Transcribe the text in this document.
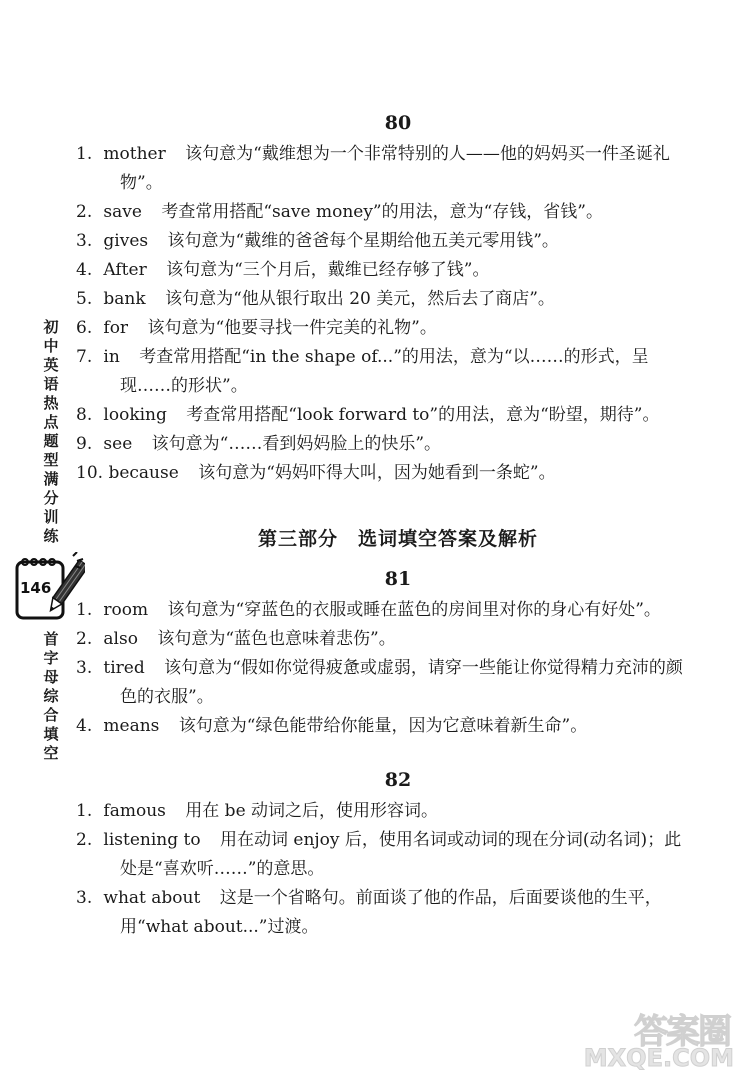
80
1. mother 该句意为“戴维想为一个非常特别的人——他的妈妈买一件圣诞礼物”。
2. save 考查常用搭配“save money”的用法，意为“存钱，省钱”。
3. gives 该句意为“戴维的爸爸每个星期给他五美元零用钱”。
4. After 该句意为“三个月后，戴维已经存够了钱”。
5. bank 该句意为“他从银行取出 20 美元，然后去了商店”。
6. for 该句意为“他要寻找一件完美的礼物”。
7. in 考查常用搭配“in the shape of...”的用法，意为“以……的形式，呈现……的形状”。
8. looking 考查常用搭配“look forward to”的用法，意为“盼望，期待”。
9. see 该句意为“……看到妈妈脸上的快乐”。
10. because 该句意为“妈妈吓得大叫，因为她看到一条蛇”。
第三部分　选词填空答案及解析
81
1. room 该句意为“穿蓝色的衣服或睡在蓝色的房间里对你的身心有好处”。
2. also 该句意为“蓝色也意味着悲伤”。
3. tired 该句意为“假如你觉得疲惫或虚弱，请穿一些能让你觉得精力充沛的颜色的衣服”。
4. means 该句意为“绿色能带给你能量，因为它意味着新生命”。
82
1. famous 用在 be 动词之后，使用形容词。
2. listening to 用在动词 enjoy 后，使用名词或动词的现在分词(动名词)；此处是“喜欢听……”的意思。
3. what about 这是一个省略句。前面谈了他的作品，后面要谈他的生平，用“what about...”过渡。
初中英语热点题型满分训练
146
首字母综合填空
答案圈
MXQE.COM
